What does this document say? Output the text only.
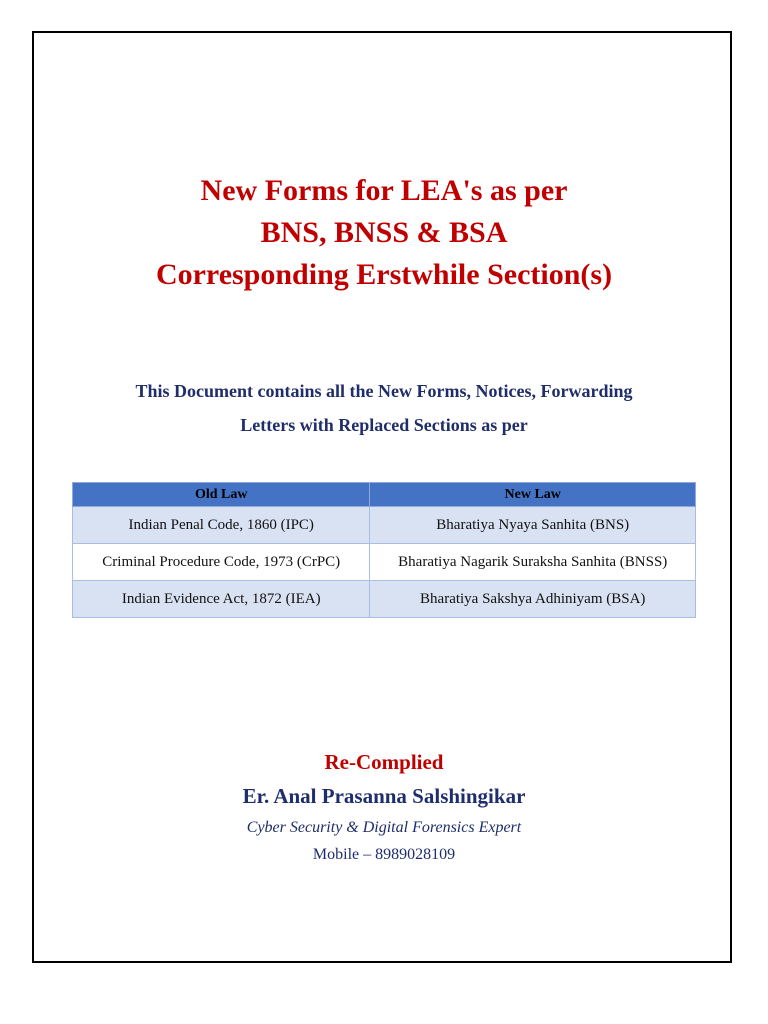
New Forms for LEA's as per
BNS, BNSS & BSA
Corresponding Erstwhile Section(s)
This Document contains all the New Forms, Notices, Forwarding
Letters with Replaced Sections as per
Old Law	New Law
Indian Penal Code, 1860 (IPC)	Bharatiya Nyaya Sanhita (BNS)
Criminal Procedure Code, 1973 (CrPC)	Bharatiya Nagarik Suraksha Sanhita (BNSS)
Indian Evidence Act, 1872 (IEA)	Bharatiya Sakshya Adhiniyam (BSA)
Re-Complied
Er. Anal Prasanna Salshingikar
Cyber Security & Digital Forensics Expert
Mobile – 8989028109
